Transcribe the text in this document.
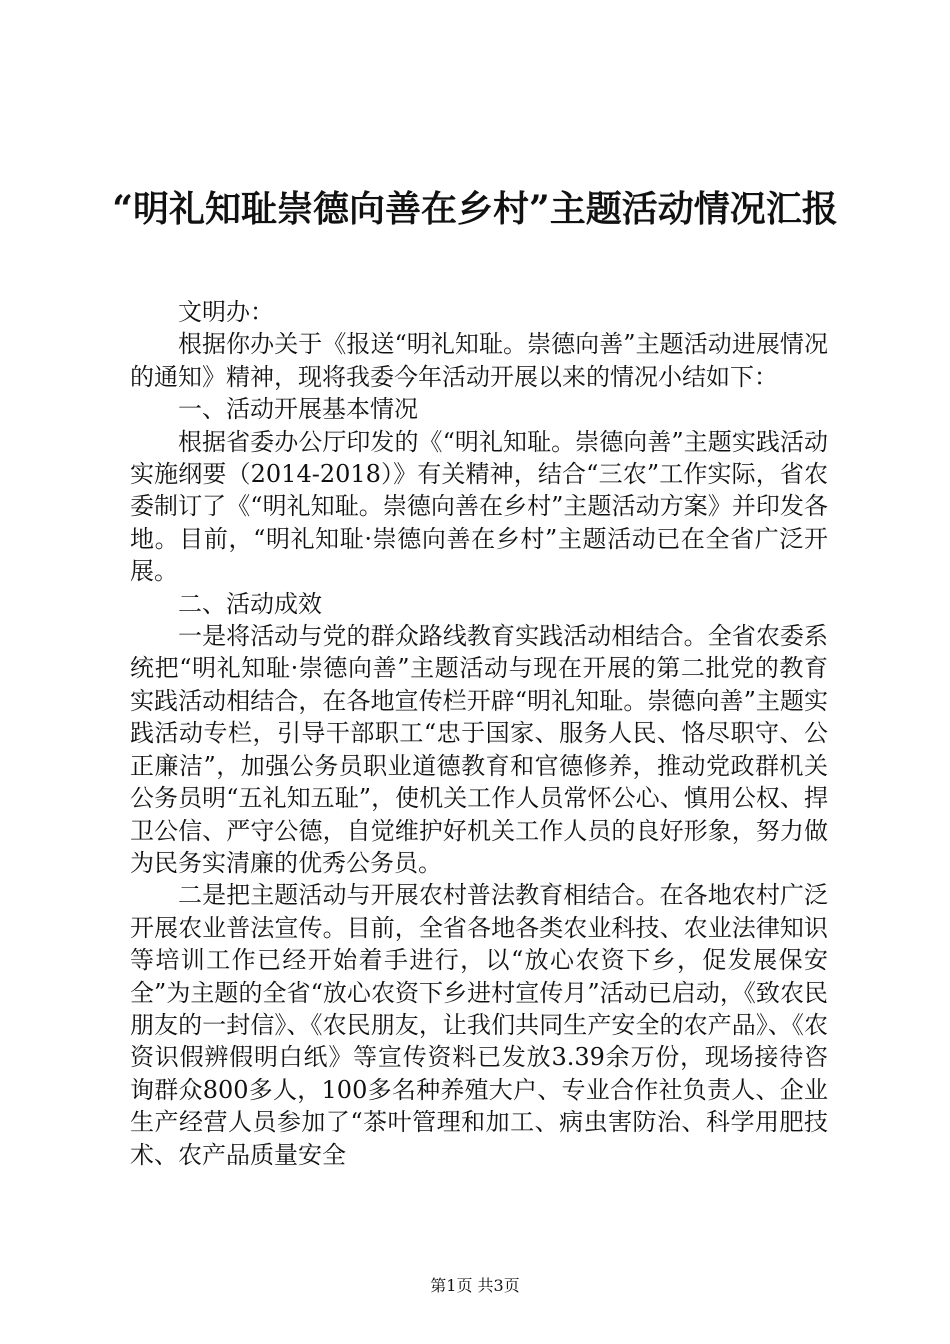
“明礼知耻崇德向善在乡村”主题活动情况汇报

文明办：

根据你办关于《报送“明礼知耻。崇德向善”主题活动进展情况的通知》精神，现将我委今年活动开展以来的情况小结如下：

一、活动开展基本情况

根据省委办公厅印发的《“明礼知耻。崇德向善”主题实践活动实施纲要（2014-2018）》有关精神，结合“三农”工作实际，省农委制订了《“明礼知耻。崇德向善在乡村”主题活动方案》并印发各地。目前，“明礼知耻·崇德向善在乡村”主题活动已在全省广泛开展。

二、活动成效

一是将活动与党的群众路线教育实践活动相结合。全省农委系统把“明礼知耻·崇德向善”主题活动与现在开展的第二批党的教育实践活动相结合，在各地宣传栏开辟“明礼知耻。崇德向善”主题实践活动专栏，引导干部职工“忠于国家、服务人民、恪尽职守、公正廉洁”，加强公务员职业道德教育和官德修养，推动党政群机关公务员明“五礼知五耻”，使机关工作人员常怀公心、慎用公权、捍卫公信、严守公德，自觉维护好机关工作人员的良好形象，努力做为民务实清廉的优秀公务员。

二是把主题活动与开展农村普法教育相结合。在各地农村广泛开展农业普法宣传。目前，全省各地各类农业科技、农业法律知识等培训工作已经开始着手进行，以“放心农资下乡，促发展保安全”为主题的全省“放心农资下乡进村宣传月”活动已启动，《致农民朋友的一封信》、《农民朋友，让我们共同生产安全的农产品》、《农资识假辨假明白纸》等宣传资料已发放3.39余万份，现场接待咨询群众800多人，100多名种养殖大户、专业合作社负责人、企业生产经营人员参加了“茶叶管理和加工、病虫害防治、科学用肥技术、农产品质量安全

第1页 共3页
